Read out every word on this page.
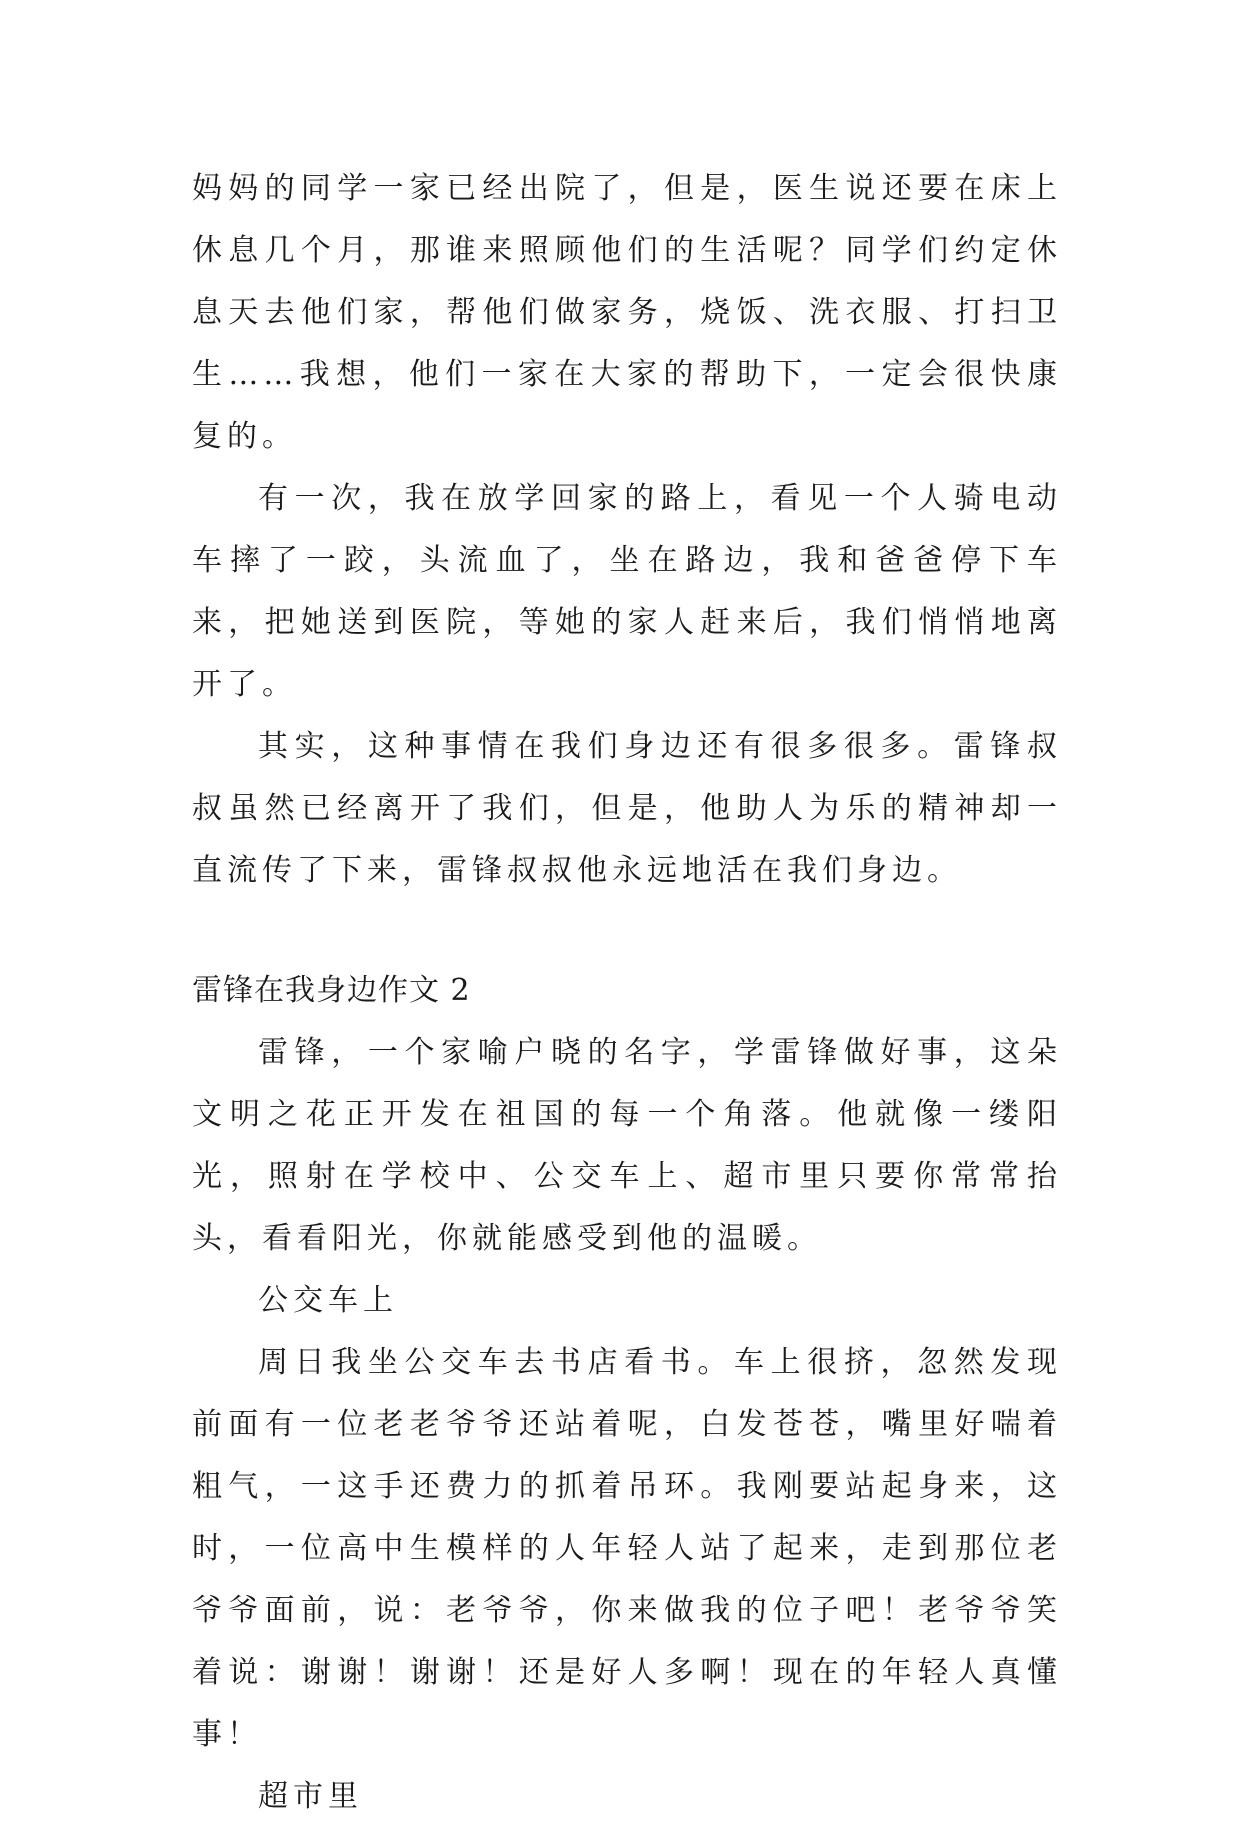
妈妈的同学一家已经出院了，但是，医生说还要在床上休息几个月，那谁来照顾他们的生活呢？同学们约定休息天去他们家，帮他们做家务，烧饭、洗衣服、打扫卫生……我想，他们一家在大家的帮助下，一定会很快康复的。

有一次，我在放学回家的路上，看见一个人骑电动车摔了一跤，头流血了，坐在路边，我和爸爸停下车来，把她送到医院，等她的家人赶来后，我们悄悄地离开了。

其实，这种事情在我们身边还有很多很多。雷锋叔叔虽然已经离开了我们，但是，他助人为乐的精神却一直流传了下来，雷锋叔叔他永远地活在我们身边。

雷锋在我身边作文 2

雷锋，一个家喻户晓的名字，学雷锋做好事，这朵文明之花正开发在祖国的每一个角落。他就像一缕阳光，照射在学校中、公交车上、超市里只要你常常抬头，看看阳光，你就能感受到他的温暖。

公交车上

周日我坐公交车去书店看书。车上很挤，忽然发现前面有一位老老爷爷还站着呢，白发苍苍，嘴里好喘着粗气，一这手还费力的抓着吊环。我刚要站起身来，这时，一位高中生模样的人年轻人站了起来，走到那位老爷爷面前，说：老爷爷，你来做我的位子吧！老爷爷笑着说：谢谢！谢谢！还是好人多啊！现在的年轻人真懂事！

超市里
